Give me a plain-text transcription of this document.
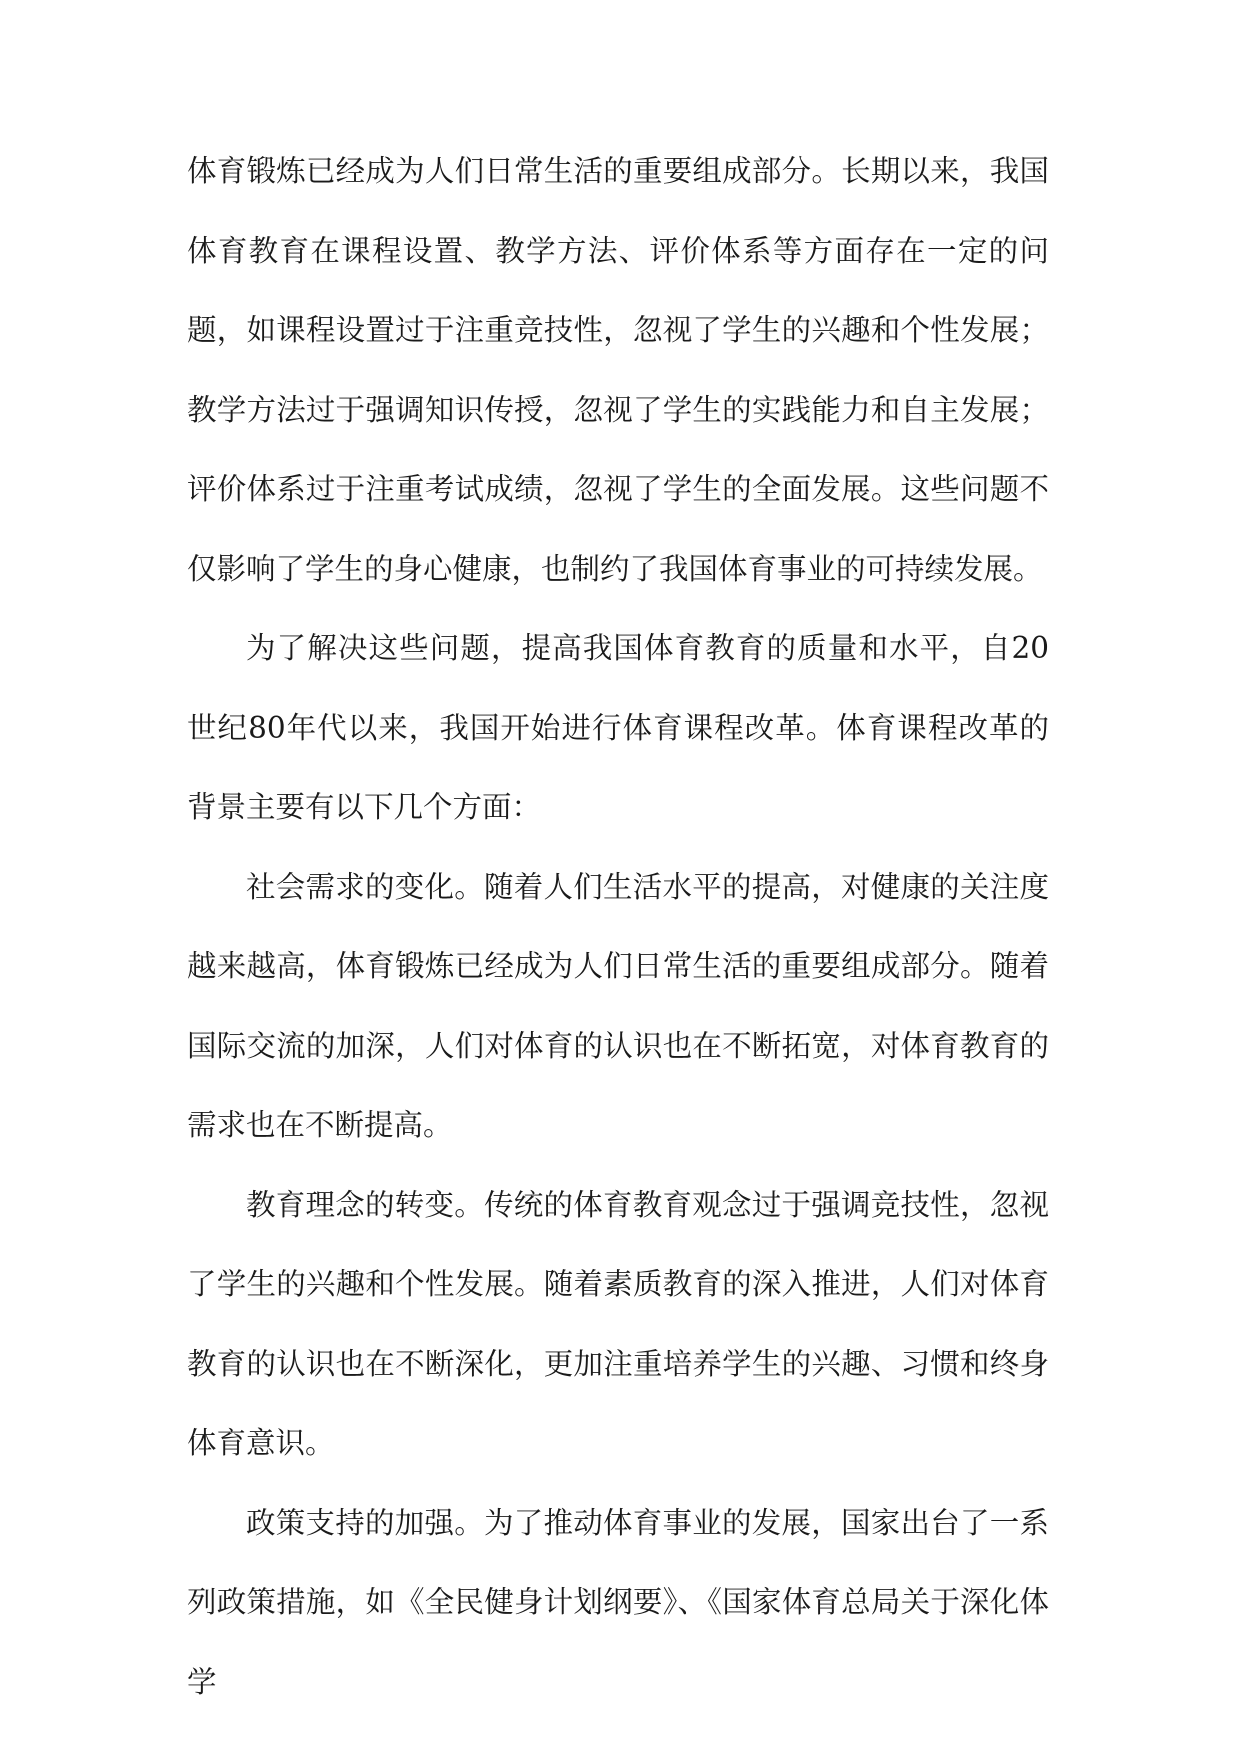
体育锻炼已经成为人们日常生活的重要组成部分。长期以来，我国体育教育在课程设置、教学方法、评价体系等方面存在一定的问题，如课程设置过于注重竞技性，忽视了学生的兴趣和个性发展；教学方法过于强调知识传授，忽视了学生的实践能力和自主发展；评价体系过于注重考试成绩，忽视了学生的全面发展。这些问题不仅影响了学生的身心健康，也制约了我国体育事业的可持续发展。

为了解决这些问题，提高我国体育教育的质量和水平，自20世纪80年代以来，我国开始进行体育课程改革。体育课程改革的背景主要有以下几个方面：

社会需求的变化。随着人们生活水平的提高，对健康的关注度越来越高，体育锻炼已经成为人们日常生活的重要组成部分。随着国际交流的加深，人们对体育的认识也在不断拓宽，对体育教育的需求也在不断提高。

教育理念的转变。传统的体育教育观念过于强调竞技性，忽视了学生的兴趣和个性发展。随着素质教育的深入推进，人们对体育教育的认识也在不断深化，更加注重培养学生的兴趣、习惯和终身体育意识。

政策支持的加强。为了推动体育事业的发展，国家出台了一系列政策措施，如《全民健身计划纲要》、《国家体育总局关于深化体学
